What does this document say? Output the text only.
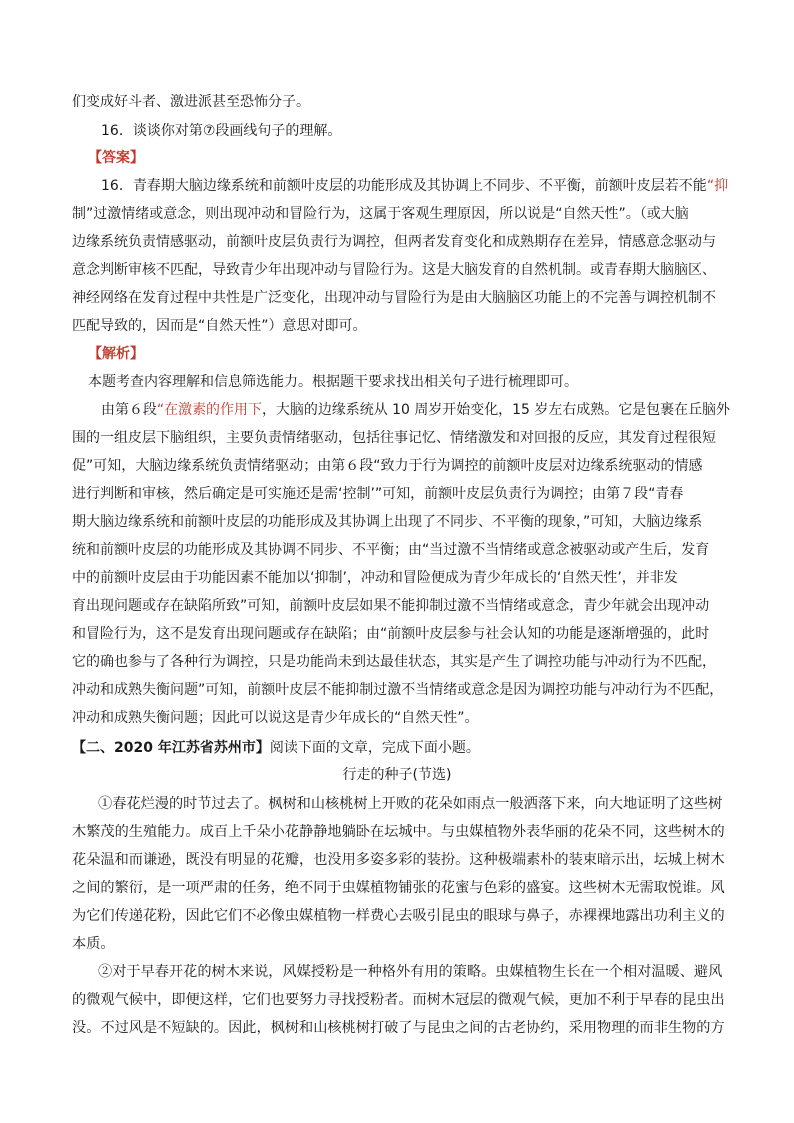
们变成好斗者、激进派甚至恐怖分子。
16．谈谈你对第⑦段画线句子的理解。
【答案】
16．青春期大脑边缘系统和前额叶皮层的功能形成及其协调上不同步、不平衡，前额叶皮层若不能“抑
制”过激情绪或意念，则出现冲动和冒险行为，这属于客观生理原因，所以说是“自然天性”。（或大脑
边缘系统负责情感驱动，前额叶皮层负责行为调控，但两者发育变化和成熟期存在差异，情感意念驱动与
意念判断审核不匹配，导致青少年出现冲动与冒险行为。这是大脑发育的自然机制。或青春期大脑脑区、
神经网络在发育过程中共性是广泛变化，出现冲动与冒险行为是由大脑脑区功能上的不完善与调控机制不
匹配导致的，因而是“自然天性”）意思对即可。
【解析】
本题考查内容理解和信息筛选能力。根据题干要求找出相关句子进行梳理即可。
由第６段“在激素的作用下，大脑的边缘系统从 10 周岁开始变化，15 岁左右成熟。它是包裹在丘脑外
围的一组皮层下脑组织，主要负责情绪驱动，包括往事记忆、情绪激发和对回报的反应，其发育过程很短
促”可知，大脑边缘系统负责情绪驱动；由第６段“致力于行为调控的前额叶皮层对边缘系统驱动的情感
进行判断和审核，然后确定是可实施还是需‘控制’”可知，前额叶皮层负责行为调控；由第７段“青春
期大脑边缘系统和前额叶皮层的功能形成及其协调上出现了不同步、不平衡的现象，”可知，大脑边缘系
统和前额叶皮层的功能形成及其协调不同步、不平衡；由“当过激不当情绪或意念被驱动或产生后，发育
中的前额叶皮层由于功能因素不能加以‘抑制’，冲动和冒险便成为青少年成长的‘自然天性’，并非发
育出现问题或存在缺陷所致”可知，前额叶皮层如果不能抑制过激不当情绪或意念，青少年就会出现冲动
和冒险行为，这不是发育出现问题或存在缺陷；由“前额叶皮层参与社会认知的功能是逐渐增强的，此时
它的确也参与了各种行为调控，只是功能尚未到达最佳状态，其实是产生了调控功能与冲动行为不匹配，
冲动和成熟失衡问题”可知，前额叶皮层不能抑制过激不当情绪或意念是因为调控功能与冲动行为不匹配，
冲动和成熟失衡问题；因此可以说这是青少年成长的“自然天性”。
【二、2020 年江苏省苏州市】阅读下面的文章，完成下面小题。
行走的种子(节选)
①春花烂漫的时节过去了。枫树和山核桃树上开败的花朵如雨点一般洒落下来，向大地证明了这些树
木繁茂的生殖能力。成百上千朵小花静静地躺卧在坛城中。与虫媒植物外表华丽的花朵不同，这些树木的
花朵温和而谦逊，既没有明显的花瓣，也没用多姿多彩的装扮。这种极端素朴的装束暗示出，坛城上树木
之间的繁衍，是一项严肃的任务，绝不同于虫媒植物铺张的花蜜与色彩的盛宴。这些树木无需取悦谁。风
为它们传递花粉，因此它们不必像虫媒植物一样费心去吸引昆虫的眼球与鼻子，赤裸裸地露出功利主义的
本质。
②对于早春开花的树木来说，风媒授粉是一种格外有用的策略。虫媒植物生长在一个相对温暖、避风
的微观气候中，即便这样，它们也要努力寻找授粉者。而树木冠层的微观气候，更加不利于早春的昆虫出
没。不过风是不短缺的。因此，枫树和山核桃树打破了与昆虫之间的古老协约，采用物理的而非生物的方
